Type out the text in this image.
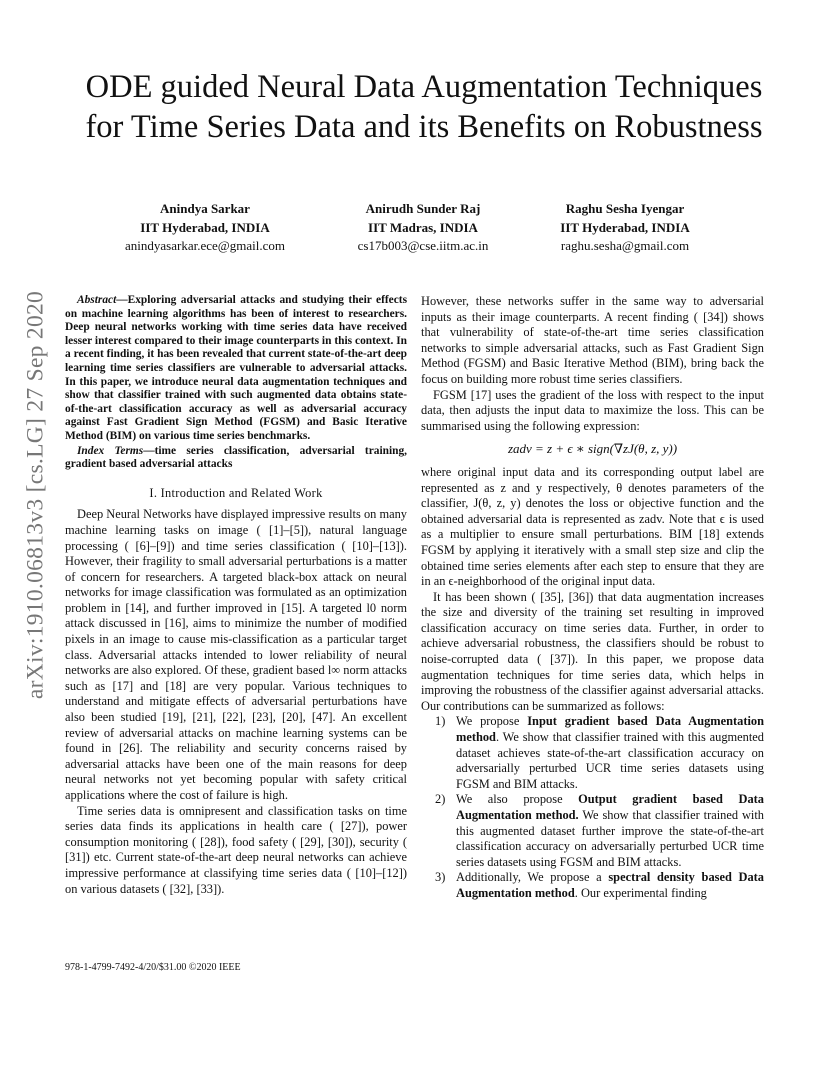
arXiv:1910.06813v3 [cs.LG] 27 Sep 2020
ODE guided Neural Data Augmentation Techniques
for Time Series Data and its Benefits on Robustness
Anindya Sarkar
IIT Hyderabad, INDIA
anindyasarkar.ece@gmail.com
Anirudh Sunder Raj
IIT Madras, INDIA
cs17b003@cse.iitm.ac.in
Raghu Sesha Iyengar
IIT Hyderabad, INDIA
raghu.sesha@gmail.com

Abstract—Exploring adversarial attacks and studying their effects on machine learning algorithms has been of interest to researchers. Deep neural networks working with time series data have received lesser interest compared to their image counterparts in this context. In a recent finding, it has been revealed that current state-of-the-art deep learning time series classifiers are vulnerable to adversarial attacks. In this paper, we introduce neural data augmentation techniques and show that classifier trained with such augmented data obtains state-of-the-art classification accuracy as well as adversarial accuracy against Fast Gradient Sign Method (FGSM) and Basic Iterative Method (BIM) on various time series benchmarks.

Index Terms—time series classification, adversarial training, gradient based adversarial attacks

I. Introduction and Related Work

Deep Neural Networks have displayed impressive results on many machine learning tasks on image ( [1]–[5]), natural language processing ( [6]–[9]) and time series classification ( [10]–[13]). However, their fragility to small adversarial perturbations is a matter of concern for researchers. A targeted black-box attack on neural networks for image classification was formulated as an optimization problem in [14], and further improved in [15]. A targeted l0 norm attack discussed in [16], aims to minimize the number of modified pixels in an image to cause mis-classification as a particular target class. Adversarial attacks intended to lower reliability of neural networks are also explored. Of these, gradient based l∞ norm attacks such as [17] and [18] are very popular. Various techniques to understand and mitigate effects of adversarial perturbations have also been studied [19], [21], [22], [23], [20], [47]. An excellent review of adversarial attacks on machine learning systems can be found in [26]. The reliability and security concerns raised by adversarial attacks have been one of the main reasons for deep neural networks not yet becoming popular with safety critical applications where the cost of failure is high.

Time series data is omnipresent and classification tasks on time series data finds its applications in health care ( [27]), power consumption monitoring ( [28]), food safety ( [29], [30]), security ( [31]) etc. Current state-of-the-art deep neural networks can achieve impressive performance at classifying time series data ( [10]–[12]) on various datasets ( [32], [33]).

However, these networks suffer in the same way to adversarial inputs as their image counterparts. A recent finding ( [34]) shows that vulnerability of state-of-the-art time series classification networks to simple adversarial attacks, such as Fast Gradient Sign Method (FGSM) and Basic Iterative Method (BIM), bring back the focus on building more robust time series classifiers.

FGSM [17] uses the gradient of the loss with respect to the input data, then adjusts the input data to maximize the loss. This can be summarised using the following expression:

zadv = z + ϵ ∗ sign(∇zJ(θ, z, y))

where original input data and its corresponding output label are represented as z and y respectively, θ denotes parameters of the classifier, J(θ, z, y) denotes the loss or objective function and the obtained adversarial data is represented as zadv. Note that ϵ is used as a multiplier to ensure small perturbations. BIM [18] extends FGSM by applying it iteratively with a small step size and clip the obtained time series elements after each step to ensure that they are in an ϵ-neighborhood of the original input data.

It has been shown ( [35], [36]) that data augmentation increases the size and diversity of the training set resulting in improved classification accuracy on time series data. Further, in order to achieve adversarial robustness, the classifiers should be robust to noise-corrupted data ( [37]). In this paper, we propose data augmentation techniques for time series data, which helps in improving the robustness of the classifier against adversarial attacks. Our contributions can be summarized as follows:

1) We propose Input gradient based Data Augmentation method. We show that classifier trained with this augmented dataset achieves state-of-the-art classification accuracy on adversarially perturbed UCR time series datasets using FGSM and BIM attacks.
2) We also propose Output gradient based Data Augmentation method. We show that classifier trained with this augmented dataset further improve the state-of-the-art classification accuracy on adversarially perturbed UCR time series datasets using FGSM and BIM attacks.
3) Additionally, We propose a spectral density based Data Augmentation method. Our experimental finding
978-1-4799-7492-4/20/$31.00 ©2020 IEEE
